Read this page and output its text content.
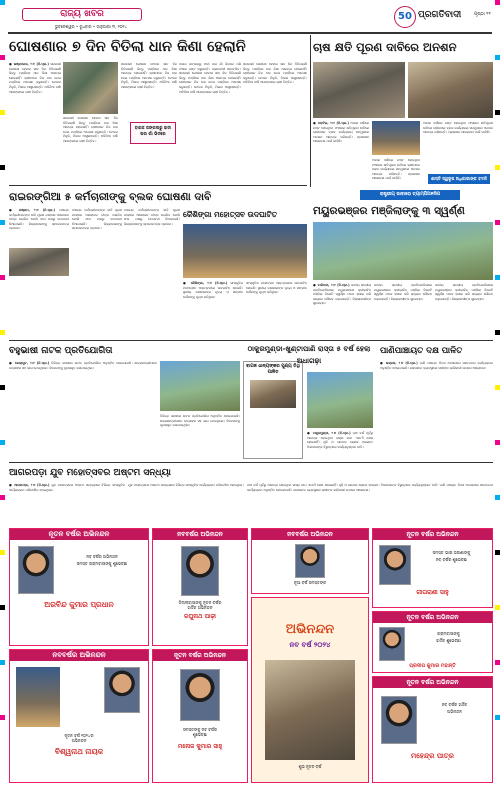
ରାଜ୍ୟ ଖବର
ଭୁବନେଶ୍ୱର • ବୁଧବାର • ଜାନୁଆରୀ ୩, ୨୦୨୪
50 ପ୍ରଗତିବାଦୀ	ପୃଷ୍ଠା ୧୧
ଘୋଷଣାର ୭ ଦିନ ବିତିଲା ଧାନ କିଣା ହେଲାନି	ଚାଷ କ୍ଷତି ପୂରଣ ଦାବିରେ ଅନଶନ
● ଭଞ୍ଜନଗର, ୨।୧ (ନି.ପ୍ର.) ସରକାରୀ ଘୋଷଣା ହେବାର ସାତ ଦିନ ବିତିଗଲାଣି କିନ୍ତୁ ମଣ୍ଡିରେ ଧାନ କିଣା ଆରମ୍ଭ ହୋଇନାହିଁ। ଚାଷୀମାନେ ନିଜ ଧାନ ନେଇ ମଣ୍ଡିରେ ଅପେକ୍ଷା କରୁଛନ୍ତି। ଟୋକନ ମିଳୁନି, ମିଲର ଆସୁନାହାନ୍ତି। ଅଦିନିଆ ବର୍ଷା ଆଶଙ୍କାରେ ଚାଷୀ ଚିନ୍ତିତ।
ସରକାରୀ ଘୋଷଣା ହେବାର ସାତ ଦିନ ବିତିଗଲାଣି କିନ୍ତୁ ମଣ୍ଡିରେ ଧାନ କିଣା ଆରମ୍ଭ ହୋଇନାହିଁ। ଚାଷୀମାନେ ନିଜ ଧାନ ନେଇ ମଣ୍ଡିରେ ଅପେକ୍ଷା କରୁଛନ୍ତି। ଟୋକନ ମିଳୁନି, ମିଲର ଆସୁନାହାନ୍ତି। ଅଦିନିଆ ବର୍ଷା ଆଶଙ୍କାରେ ଚାଷୀ ଚିନ୍ତିତ।
ସରକାରୀ ଘୋଷଣା ହେବାର ସାତ ଦିନ ବିତିଗଲାଣି କିନ୍ତୁ ମଣ୍ଡିରେ ଧାନ କିଣା ଆରମ୍ଭ ହୋଇନାହିଁ। ଚାଷୀମାନେ ନିଜ ଧାନ ନେଇ ମଣ୍ଡିରେ ଅପେକ୍ଷା କରୁଛନ୍ତି। ଟୋକନ ମିଳୁନି, ମିଲର ଆସୁନାହାନ୍ତି। ଅଦିନିଆ ବର୍ଷା ଆଶଙ୍କାରେ ଚାଷୀ ଚିନ୍ତିତ।
ବାଗଜ ଜଙ୍ଗଲରୁ ହାତୀ ପଲ ଗାଁ ଭିତରେ
ବାଗଜ ଜଙ୍ଗଲରୁ ହାତୀ ପଲ ଗାଁ ଭିତରେ ପଶି ଫସଲ ନଷ୍ଟ କରୁଛନ୍ତି। ଗ୍ରାମବାସୀ ଆତଙ୍କିତ। ସରକାରୀ ଘୋଷଣା ହେବାର ସାତ ଦିନ ବିତିଗଲାଣି କିନ୍ତୁ ମଣ୍ଡିରେ ଧାନ କିଣା ଆରମ୍ଭ ହୋଇନାହିଁ। ଚାଷୀମାନେ ନିଜ ଧାନ ନେଇ ମଣ୍ଡିରେ ଅପେକ୍ଷା କରୁଛନ୍ତି। ଟୋକନ ମିଳୁନି, ମିଲର ଆସୁନାହାନ୍ତି। ଅଦିନିଆ ବର୍ଷା ଆଶଙ୍କାରେ ଚାଷୀ ଚିନ୍ତିତ।
ସରକାରୀ ଘୋଷଣା ହେବାର ସାତ ଦିନ ବିତିଗଲାଣି କିନ୍ତୁ ମଣ୍ଡିରେ ଧାନ କିଣା ଆରମ୍ଭ ହୋଇନାହିଁ। ଚାଷୀମାନେ ନିଜ ଧାନ ନେଇ ମଣ୍ଡିରେ ଅପେକ୍ଷା କରୁଛନ୍ତି। ଟୋକନ ମିଳୁନି, ମିଲର ଆସୁନାହାନ୍ତି। ଅଦିନିଆ ବର୍ଷା ଆଶଙ୍କାରେ ଚାଷୀ ଚିନ୍ତିତ।
● ବଡ଼ବିଲ, ୨।୧ (ନି.ପ୍ର.) ଅକାଳ ବର୍ଷାରେ ନଷ୍ଟ ହୋଇଥିବା ଫସଲର କ୍ଷତିପୂରଣ ଦାବିରେ ଚାଷୀମାନେ ବ୍ଳକ କାର୍ଯ୍ୟାଳୟ ସମ୍ମୁଖରେ ଅନଶନ ଆରମ୍ଭ କରିଛନ୍ତି। ପ୍ରଶାସନ ଆଲୋଚନା ପାଇଁ ଡାକିଛି।
ଅକାଳ ବର୍ଷାରେ ନଷ୍ଟ ହୋଇଥିବା ଫସଲର କ୍ଷତିପୂରଣ ଦାବିରେ ଚାଷୀମାନେ ବ୍ଳକ କାର୍ଯ୍ୟାଳୟ ସମ୍ମୁଖରେ ଅନଶନ ଆରମ୍ଭ କରିଛନ୍ତି। ପ୍ରଶାସନ ଆଲୋଚନା ପାଇଁ ଡାକିଛି।
ଅକାଳ ବର୍ଷାରେ ନଷ୍ଟ ହୋଇଥିବା ଫସଲର କ୍ଷତିପୂରଣ ଦାବିରେ ଚାଷୀମାନେ ବ୍ଳକ କାର୍ଯ୍ୟାଳୟ ସମ୍ମୁଖରେ ଅନଶନ ଆରମ୍ଭ କରିଛନ୍ତି। ପ୍ରଶାସନ ଆଲୋଚନା ପାଇଁ ଡାକିଛି।
ଶାସ୍ତି ସ୍ୱରୂପ ଅଧିକାରୀଙ୍କ ବଦଳି
ରାଇରଙ୍ଗିଆ ୫ କର୍ମଚାରୀଙ୍କୁ ବ୍ଲକ ଘୋଷଣା ଦାବି
● ଗଞ୍ଜାମ, ୨।୧ (ନି.ପ୍ର.) ପଞ୍ଚାୟତ କର୍ମଚାରୀମାନଙ୍କ ଦାବି ପୂରଣ ନହେଲେ ଆନ୍ଦୋଳନ ତୀବ୍ର କରାଯିବ ବୋଲି ସଂଘ ପକ୍ଷରୁ ଚେତାବନୀ ଦିଆଯାଇଛି। ଜିଲ୍ଲାପାଳଙ୍କୁ ସ୍ମାରକପତ୍ର ପ୍ରଦାନ।
ପଞ୍ଚାୟତ କର୍ମଚାରୀମାନଙ୍କ ଦାବି ପୂରଣ ନହେଲେ ଆନ୍ଦୋଳନ ତୀବ୍ର କରାଯିବ ବୋଲି ସଂଘ ପକ୍ଷରୁ ଚେତାବନୀ ଦିଆଯାଇଛି। ଜିଲ୍ଲାପାଳଙ୍କୁ ସ୍ମାରକପତ୍ର ପ୍ରଦାନ।
ପଞ୍ଚାୟତ କର୍ମଚାରୀମାନଙ୍କ ଦାବି ପୂରଣ ନହେଲେ ଆନ୍ଦୋଳନ ତୀବ୍ର କରାଯିବ ବୋଲି ସଂଘ ପକ୍ଷରୁ ଚେତାବନୀ ଦିଆଯାଇଛି। ଜିଲ୍ଲାପାଳଙ୍କୁ ସ୍ମାରକପତ୍ର ପ୍ରଦାନ।
କୈଶିଙ୍ଗା ମହୋତ୍ସବ ଉଦଘାଟିତ
● କୈଶିଙ୍ଗା, ୨।୧ (ନି.ପ୍ର.) ସାଂସ୍କୃତିକ ମହୋତ୍ସବ ଆଡ଼ମ୍ବରରେ ଉଦଘାଟିତ ହୋଇଛି। ସ୍ଥାନୀୟ କଳାକାରଙ୍କ ନୃତ୍ୟ ଓ ସଙ୍ଗୀତ ଦର୍ଶକଙ୍କୁ ମୁଗ୍ଧ କରିଥିଲା।
ସାଂସ୍କୃତିକ ମହୋତ୍ସବ ଆଡ଼ମ୍ବରରେ ଉଦଘାଟିତ ହୋଇଛି। ସ୍ଥାନୀୟ କଳାକାରଙ୍କ ନୃତ୍ୟ ଓ ସଙ୍ଗୀତ ଦର୍ଶକଙ୍କୁ ମୁଗ୍ଧ କରିଥିଲା।
ରାଷ୍ଟ୍ରୀୟ ଭାବାରୋ ଚ୍ୟାମ୍ପିଅନସିପ
ମୟୁରଭଞ୍ଜର ମଞ୍ଜିଲାଙ୍କୁ ୩ ସ୍ୱର୍ଣ୍ଣ
● ବାରିପଦା, ୨।୧ (ନି.ପ୍ର.) ଜାତୀୟ ସ୍ତରୀୟ ପ୍ରତିଯୋଗିତାରେ ମୟୁରଭଞ୍ଜର କ୍ରୀଡ଼ାବିତ୍ ମଞ୍ଜିଲା ତିନୋଟି ସ୍ୱର୍ଣ୍ଣ ପଦକ ହାସଲ କରି ରାଜ୍ୟର ଗୌରବ ବଢ଼ାଇଛନ୍ତି। ଜିଲ୍ଲାବାସୀଙ୍କ ଶୁଭେଚ୍ଛା।
ଜାତୀୟ ସ୍ତରୀୟ ପ୍ରତିଯୋଗିତାରେ ମୟୁରଭଞ୍ଜର କ୍ରୀଡ଼ାବିତ୍ ମଞ୍ଜିଲା ତିନୋଟି ସ୍ୱର୍ଣ୍ଣ ପଦକ ହାସଲ କରି ରାଜ୍ୟର ଗୌରବ ବଢ଼ାଇଛନ୍ତି। ଜିଲ୍ଲାବାସୀଙ୍କ ଶୁଭେଚ୍ଛା।
ଜାତୀୟ ସ୍ତରୀୟ ପ୍ରତିଯୋଗିତାରେ ମୟୁରଭଞ୍ଜର କ୍ରୀଡ଼ାବିତ୍ ମଞ୍ଜିଲା ତିନୋଟି ସ୍ୱର୍ଣ୍ଣ ପଦକ ହାସଲ କରି ରାଜ୍ୟର ଗୌରବ ବଢ଼ାଇଛନ୍ତି। ଜିଲ୍ଲାବାସୀଙ୍କ ଶୁଭେଚ୍ଛା।
ବହୁଭାଷୀ ନାଟକ ପ୍ରତିଯୋଗିତା
● କୋରାପୁଟ, ୨।୧ (ନି.ପ୍ର.) ବିଭିନ୍ନ ଭାଷାରେ ନାଟକ ପ୍ରତିଯୋଗିତା ଅନୁଷ୍ଠିତ ହୋଇଯାଇଛି। ଛାତ୍ରଛାତ୍ରୀମାନେ ଉତ୍ସାହର ସହ ଭାଗ ନେଇଥିଲେ। ବିଜେତାଙ୍କୁ ପୁରସ୍କୃତ କରାଯାଇଥିଲା।
ବିଭିନ୍ନ ଭାଷାରେ ନାଟକ ପ୍ରତିଯୋଗିତା ଅନୁଷ୍ଠିତ ହୋଇଯାଇଛି। ଛାତ୍ରଛାତ୍ରୀମାନେ ଉତ୍ସାହର ସହ ଭାଗ ନେଇଥିଲେ। ବିଜେତାଙ୍କୁ ପୁରସ୍କୃତ କରାଯାଇଥିଲା।
ବାଗଜ ଧାନ୍ୟଙ୍କର ପୁଣ୍ୟ ତିଥି ପାଳିତ
ଠାକୁରମୁଣ୍ଡା-ଖୁଣ୍ଟାପାଣି ରାସ୍ତା ୫ ବର୍ଷ ହେଲା ଅଧାଗଢ଼ା
● ଠାକୁରମୁଣ୍ଡା, ୨।୧ (ନି.ପ୍ର.) ପାଞ୍ଚ ବର୍ଷ ପୂର୍ବରୁ ଆରମ୍ଭ ହୋଇଥିବା ରାସ୍ତା କାମ ଏଯାଏଁ ଶେଷ ହୋଇନାହିଁ। ଧୂଳି ଓ ଗାତରେ ଲୋକେ ହଇରାଣ। ଠିକାଦାରଙ୍କ ବିରୁଦ୍ଧରେ କାର୍ଯ୍ୟାନୁଷ୍ଠାନ ଦାବି।
ପାଣିପାଞ୍ଚାୟତ ଦକ୍ଷ ପାଳିତ
● ଭଦ୍ରକ, ୨।୧ (ନି.ପ୍ର.) ପାଣି ପଞ୍ଚାୟତ ଦିବସ ଅବସରରେ ସଚେତନତା କାର୍ଯ୍ୟକ୍ରମ ଅନୁଷ୍ଠିତ ହୋଇଯାଇଛି। ଜଳସେଚନ ବ୍ୟବସ୍ଥାରେ ଚାଷୀଙ୍କ ଭାଗିଦାରୀ ଉପରେ ଆଲୋଚନା।
ଆଗରପଡ଼ା ଯୁବ ମହୋତ୍ସବର ଅଷ୍ଟମ ସନ୍ଧ୍ୟା
● ଆଗରପଡ଼ା, ୨।୧ (ନି.ପ୍ର.) ଯୁବ ମହୋତ୍ସବର ଅଷ୍ଟମ ସନ୍ଧ୍ୟାରେ ବିଭିନ୍ନ ସାଂସ୍କୃତିକ କାର୍ଯ୍ୟକ୍ରମ ପରିବେଷିତ ହୋଇଥିଲା।
ଯୁବ ମହୋତ୍ସବର ଅଷ୍ଟମ ସନ୍ଧ୍ୟାରେ ବିଭିନ୍ନ ସାଂସ୍କୃତିକ କାର୍ଯ୍ୟକ୍ରମ ପରିବେଷିତ ହୋଇଥିଲା। ପାଞ୍ଚ ବର୍ଷ ପୂର୍ବରୁ ଆରମ୍ଭ ହୋଇଥିବା ରାସ୍ତା କାମ ଏଯାଏଁ ଶେଷ ହୋଇନାହିଁ। ଧୂଳି ଓ ଗାତରେ ଲୋକେ ହଇରାଣ। ଠିକାଦାରଙ୍କ ବିରୁଦ୍ଧରେ କାର୍ଯ୍ୟାନୁଷ୍ଠାନ ଦାବି। ପାଣି ପଞ୍ଚାୟତ ଦିବସ ଅବସରରେ ସଚେତନତା କାର୍ଯ୍ୟକ୍ରମ ଅନୁଷ୍ଠିତ ହୋଇଯାଇଛି। ଜଳସେଚନ ବ୍ୟବସ୍ଥାରେ ଚାଷୀଙ୍କ ଭାଗିଦାରୀ ଉପରେ ଆଲୋଚନା।
ନୂତନ ବର୍ଷର ଅଭିନନ୍ଦନ
ନବ ବର୍ଷର ଅଭିନନ୍ଦନ
ସମସ୍ତ ଗ୍ରାମବାସୀଙ୍କୁ ଶୁଭେଚ୍ଛା
ଅରବିନ୍ଦ କୁମାର ପ୍ରଧାନ
ନବବର୍ଷର ଅଭିନନ୍ଦନ
ଜିଲ୍ଲାବାସୀଙ୍କୁ ନୂତନ ବର୍ଷର
ହାର୍ଦ୍ଦିକ ଅଭିନନ୍ଦନ
ରଘୁନାଥ ପାଢ଼ୀ
ନବବର୍ଷର ଅଭିନନ୍ଦନ
ନୂଆ ବର୍ଷ ସମସ୍ତଙ୍କ
ନୂତନ ବର୍ଷର ଅଭିନନ୍ଦନ
ସମସ୍ତ ଭାଇ ଭଉଣୀଙ୍କୁ
ନବ ବର୍ଷର ଶୁଭେଚ୍ଛା
ଗୀତାରାଣୀ ସାହୁ
ନୂତନ ବର୍ଷର ଅଭିନନ୍ଦନ
ଗ୍ରାମବାସୀଙ୍କୁ
ହାର୍ଦ୍ଦିକ ଶୁଭେଚ୍ଛା
ପ୍ରଦୀପ କୁମାର ମହାନ୍ତି
ନବବର୍ଷର ଅଭିନନ୍ଦନ
ନୂତନ ବର୍ଷ ୨୦୨୪ର
ଅଭିନନ୍ଦନ
ବିଶ୍ୱନାଥ ନାୟକ
ନୂତନ ବର୍ଷର ଅଭିନନ୍ଦନ
ସମସ୍ତଙ୍କୁ ନବ ବର୍ଷର
ଶୁଭେଚ୍ଛା
ମନୋଜ କୁମାର ସାହୁ
ଅଭିନନ୍ଦନ
ନବ ବର୍ଷ ୨୦୨୪
ଶୁଭ ନୂତନ ବର୍ଷ
ନୂତନ ବର୍ଷର ଅଭିନନ୍ଦନ
ନବ ବର୍ଷର ହାର୍ଦ୍ଦିକ
ଅଭିନନ୍ଦନ
ମହେନ୍ଦ୍ର ପାତ୍ର
